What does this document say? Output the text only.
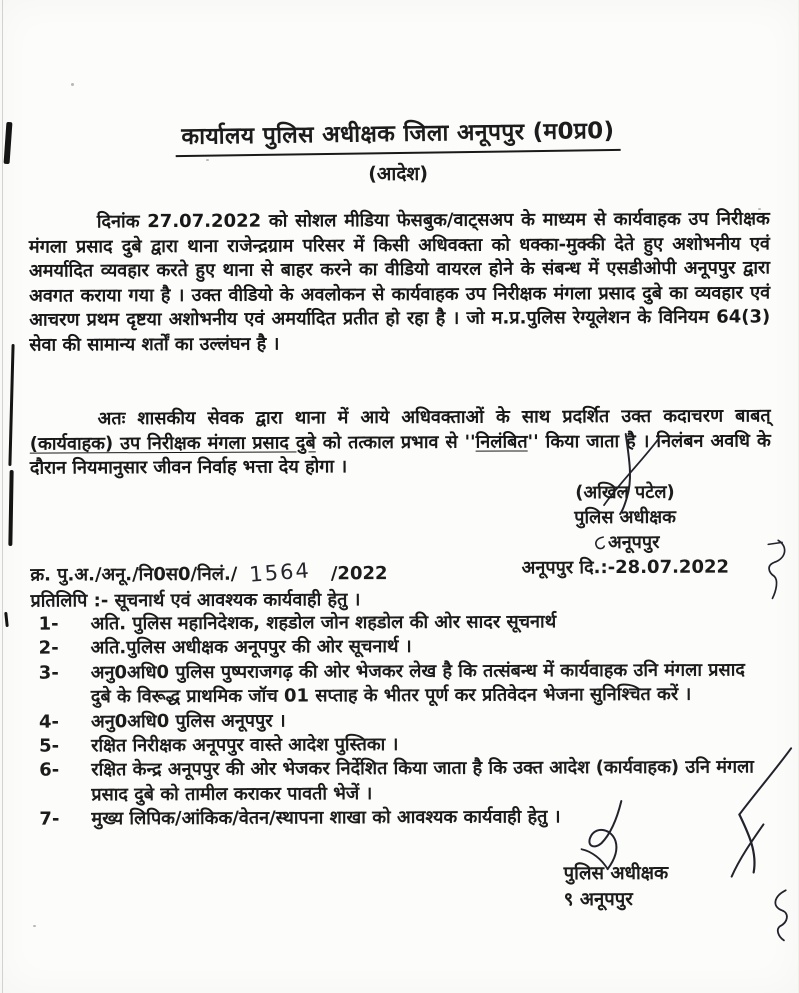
कार्यालय पुलिस अधीक्षक जिला अनूपपुर (म0प्र0)
(आदेश)

दिनांक 27.07.2022 को सोशल मीडिया फेसबुक/वाट्सअप के माध्यम से कार्यवाहक उप निरीक्षक मंगला प्रसाद दुबे द्वारा थाना राजेन्द्रग्राम परिसर में किसी अधिवक्ता को धक्का-मुक्की देते हुए अशोभनीय एवं अमर्यादित व्यवहार करते हुए थाना से बाहर करने का वीडियो वायरल होने के संबन्ध में एसडीओपी अनूपपुर द्वारा अवगत कराया गया है । उक्त वीडियो के अवलोकन से कार्यवाहक उप निरीक्षक मंगला प्रसाद दुबे का व्यवहार एवं आचरण प्रथम दृष्टया अशोभनीय एवं अमर्यादित प्रतीत हो रहा है । जो म.प्र.पुलिस रेग्यूलेशन के विनियम 64(3) सेवा की सामान्य शर्तों का उल्लंघन है ।

अतः शासकीय सेवक द्वारा थाना में आये अधिवक्ताओं के साथ प्रदर्शित उक्त कदाचरण बाबत् (कार्यवाहक) उप निरीक्षक मंगला प्रसाद दुबे को तत्काल प्रभाव से ''निलंबित'' किया जाता है । निलंबन अवधि के दौरान नियमानुसार जीवन निर्वाह भत्ता देय होगा ।

(अखिल पटेल)
पुलिस अधीक्षक
अनूपपुर
अनूपपुर दि.:-28.07.2022
क्र. पु.अ./अनू./नि0स0/निलं./ 1564 /2022
प्रतिलिपि :- सूचनार्थ एवं आवश्यक कार्यवाही हेतु ।
1-	अति. पुलिस महानिदेशक, शहडोल जोन शहडोल की ओर सादर सूचनार्थ
2-	अति.पुलिस अधीक्षक अनूपपुर की ओर सूचनार्थ ।
3-	अनु0अधि0 पुलिस पुष्पराजगढ़ की ओर भेजकर लेख है कि तत्संबन्ध में कार्यवाहक उनि मंगला प्रसाद दुबे के विरूद्ध प्राथमिक जॉच 01 सप्ताह के भीतर पूर्ण कर प्रतिवेदन भेजना सुनिश्चित करें ।
4-	अनु0अधि0 पुलिस अनूपपुर ।
5-	रक्षित निरीक्षक अनूपपुर वास्ते आदेश पुस्तिका ।
6-	रक्षित केन्द्र अनूपपुर की ओर भेजकर निर्देशित किया जाता है कि उक्त आदेश (कार्यवाहक) उनि मंगला प्रसाद दुबे को तामील कराकर पावती भेजें ।
7-	मुख्य लिपिक/आंकिक/वेतन/स्थापना शाखा को आवश्यक कार्यवाही हेतु ।
पुलिस अधीक्षक
९ अनूपपुर
